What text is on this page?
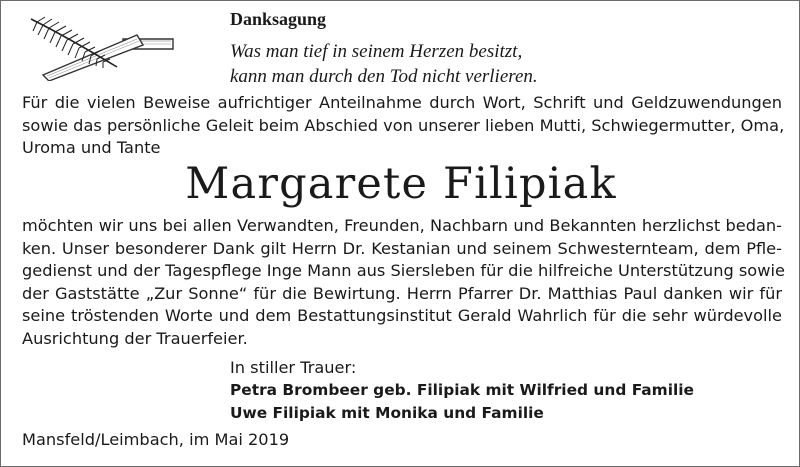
Danksagung

Was man tief in seinem Herzen besitzt,
kann man durch den Tod nicht verlieren.

Für die vielen Beweise aufrichtiger Anteilnahme durch Wort, Schrift und Geldzuwendungen
sowie das persönliche Geleit beim Abschied von unserer lieben Mutti, Schwiegermutter, Oma,
Uroma und Tante

Margarete Filipiak

möchten wir uns bei allen Verwandten, Freunden, Nachbarn und Bekannten herzlichst bedan-
ken. Unser besonderer Dank gilt Herrn Dr. Kestanian und seinem Schwesternteam, dem Pfle-
gedienst und der Tagespflege Inge Mann aus Siersleben für die hilfreiche Unterstützung sowie
der Gaststätte „Zur Sonne“ für die Bewirtung. Herrn Pfarrer Dr. Matthias Paul danken wir für
seine tröstenden Worte und dem Bestattungsinstitut Gerald Wahrlich für die sehr würdevolle
Ausrichtung der Trauerfeier.

In stiller Trauer:

Petra Brombeer geb. Filipiak mit Wilfried und Familie

Uwe Filipiak mit Monika und Familie

Mansfeld/Leimbach, im Mai 2019
